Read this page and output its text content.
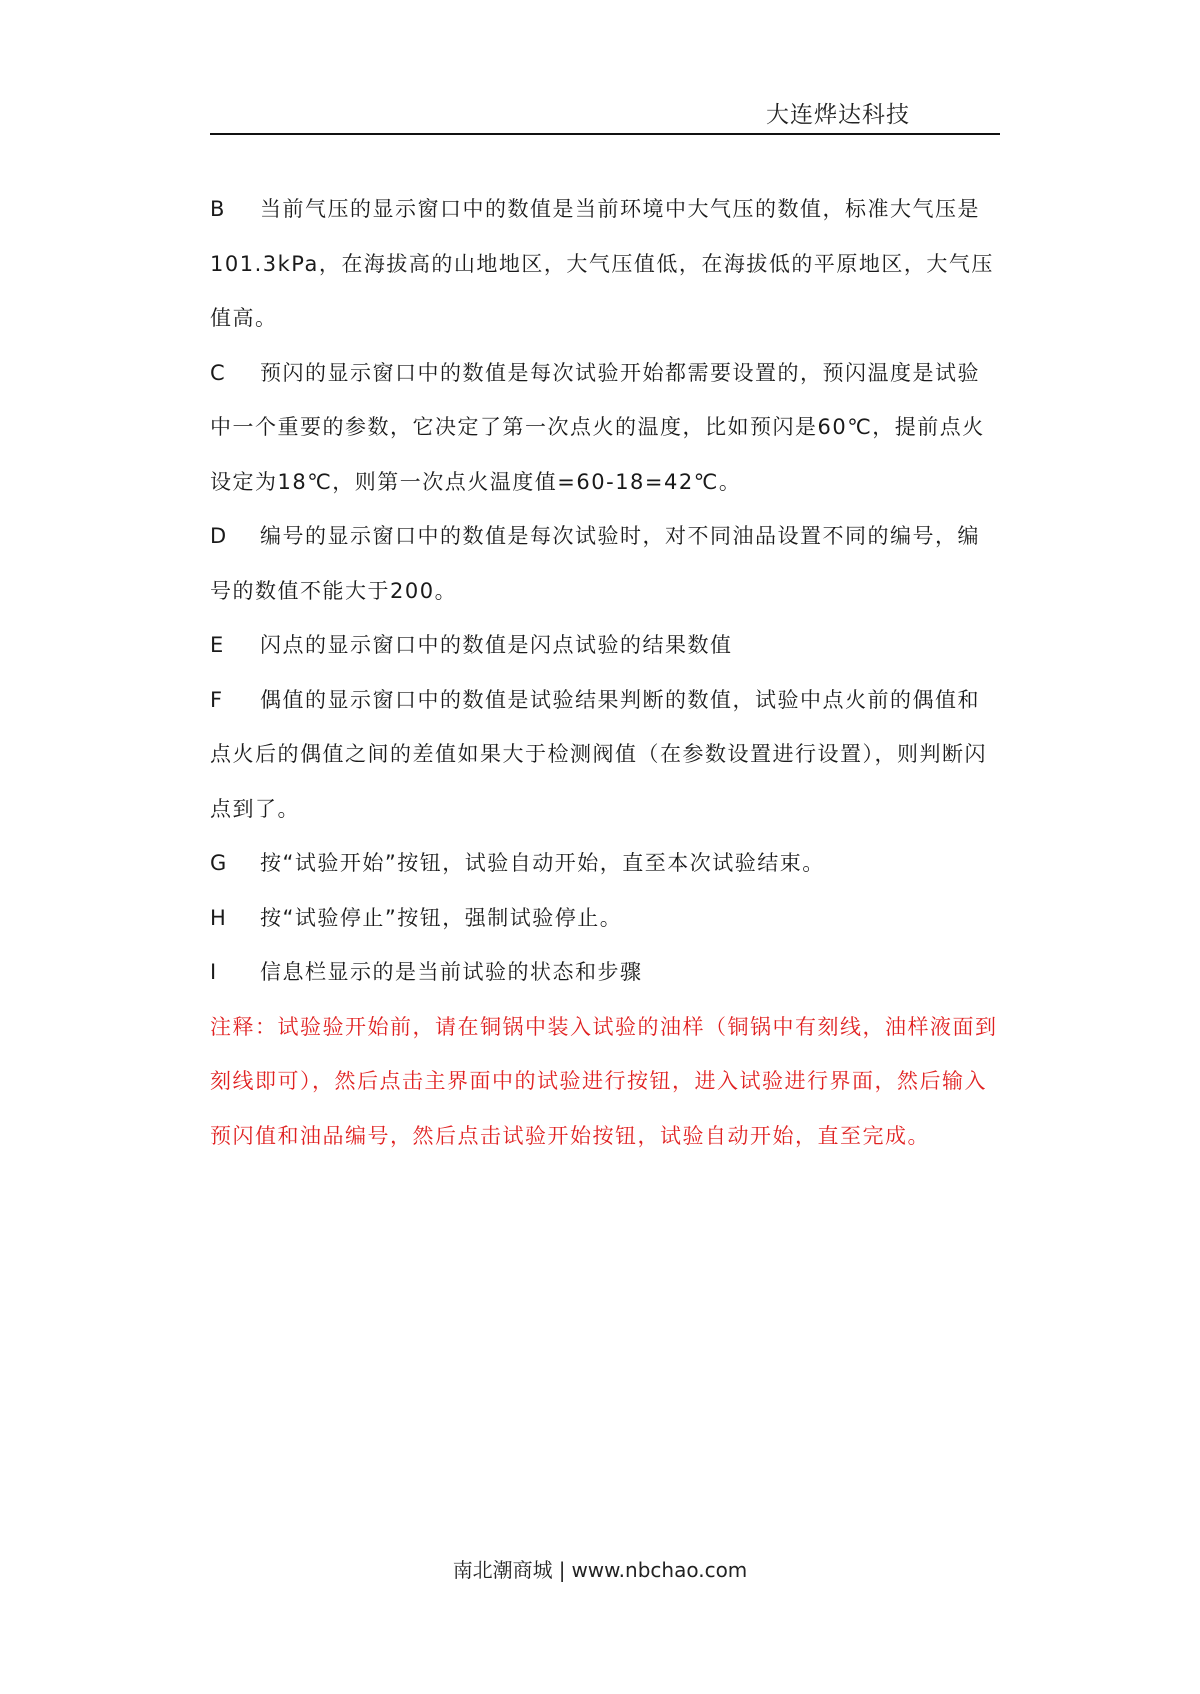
大连烨达科技

B 当前气压的显示窗口中的数值是当前环境中大气压的数值，标准大气压是101.3kPa，在海拔高的山地地区，大气压值低，在海拔低的平原地区，大气压值高。

C 预闪的显示窗口中的数值是每次试验开始都需要设置的，预闪温度是试验中一个重要的参数，它决定了第一次点火的温度，比如预闪是60℃，提前点火设定为18℃，则第一次点火温度值=60-18=42℃。

D 编号的显示窗口中的数值是每次试验时，对不同油品设置不同的编号，编号的数值不能大于200。

E 闪点的显示窗口中的数值是闪点试验的结果数值

F 偶值的显示窗口中的数值是试验结果判断的数值，试验中点火前的偶值和点火后的偶值之间的差值如果大于检测阀值（在参数设置进行设置），则判断闪点到了。

G 按“试验开始”按钮，试验自动开始，直至本次试验结束。

H 按“试验停止”按钮，强制试验停止。

I 信息栏显示的是当前试验的状态和步骤

注释：试验验开始前，请在铜锅中装入试验的油样（铜锅中有刻线，油样液面到刻线即可），然后点击主界面中的试验进行按钮，进入试验进行界面，然后输入预闪值和油品编号，然后点击试验开始按钮，试验自动开始，直至完成。

南北潮商城 | www.nbchao.com
